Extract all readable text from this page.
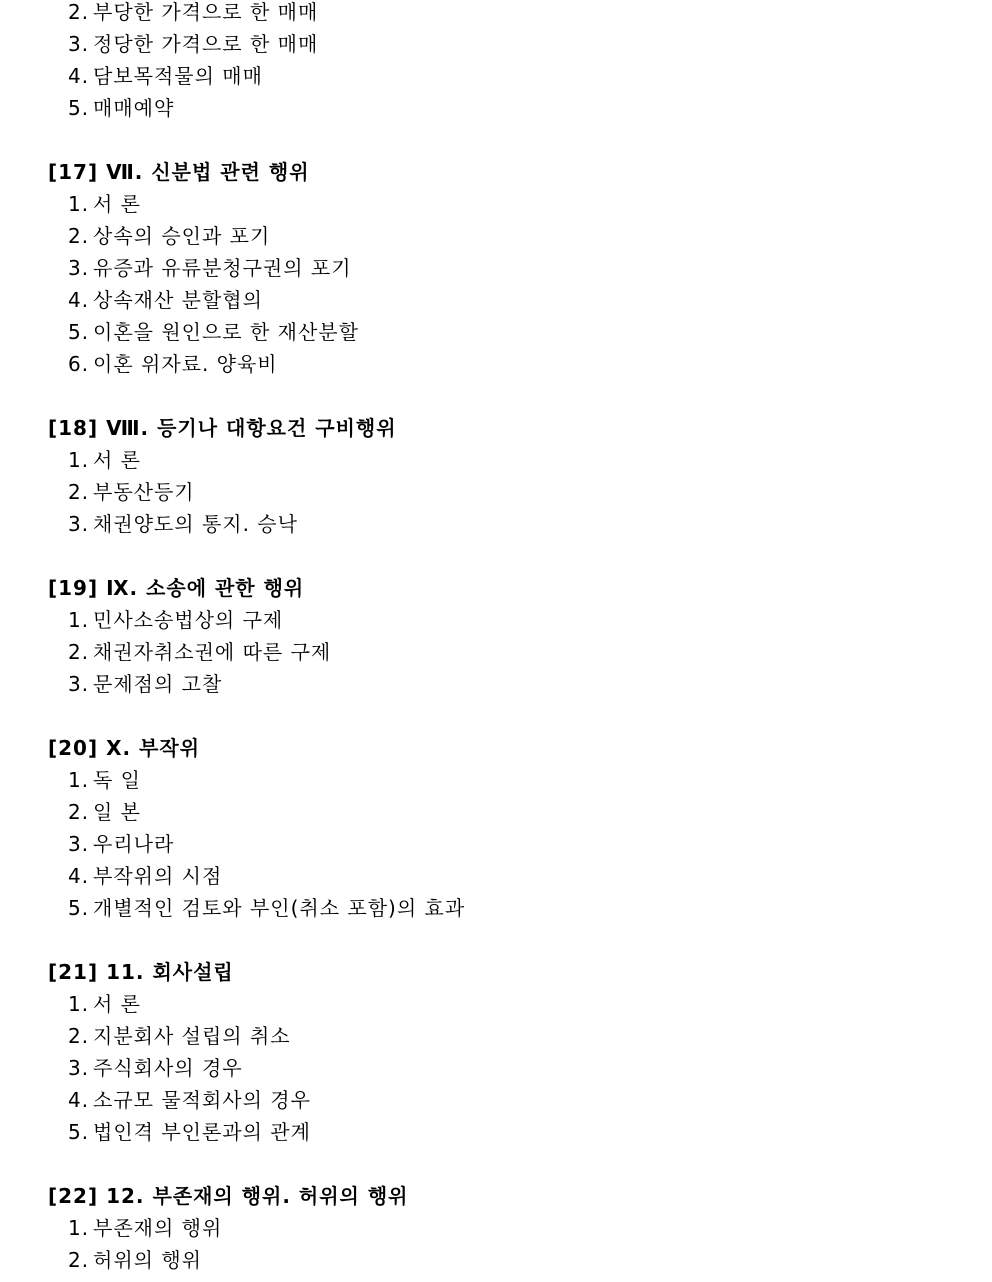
2. 부당한 가격으로 한 매매
3. 정당한 가격으로 한 매매
4. 담보목적물의 매매
5. 매매예약
[17] Ⅶ. 신분법 관련 행위
1. 서 론
2. 상속의 승인과 포기
3. 유증과 유류분청구권의 포기
4. 상속재산 분할협의
5. 이혼을 원인으로 한 재산분할
6. 이혼 위자료. 양육비
[18] Ⅷ. 등기나 대항요건 구비행위
1. 서 론
2. 부동산등기
3. 채권양도의 통지. 승낙
[19] Ⅸ. 소송에 관한 행위
1. 민사소송법상의 구제
2. 채권자취소권에 따른 구제
3. 문제점의 고찰
[20] Ⅹ. 부작위
1. 독 일
2. 일 본
3. 우리나라
4. 부작위의 시점
5. 개별적인 검토와 부인(취소 포함)의 효과
[21] 11. 회사설립
1. 서 론
2. 지분회사 설립의 취소
3. 주식회사의 경우
4. 소규모 물적회사의 경우
5. 법인격 부인론과의 관계
[22] 12. 부존재의 행위. 허위의 행위
1. 부존재의 행위
2. 허위의 행위
